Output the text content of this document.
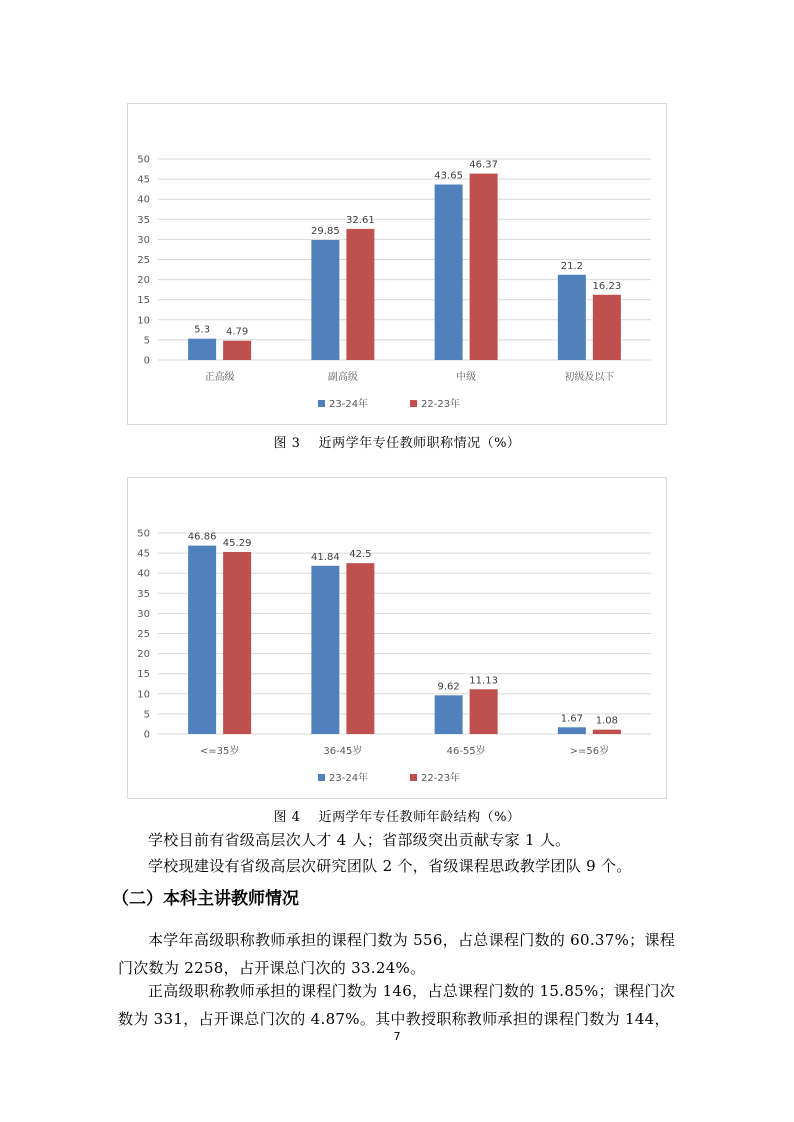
0
5
10
15
20
25
30
35
40
45
50
5.3 4.79
正高级
29.85
32.61
副高级
43.65
46.37
中级
21.2
16.23
初级及以下
23-24年	22-23年
图 3　 近两学年专任教师职称情况（%）
0
5
10
15
20
25
30
35
40
45
50	46.86
45.29
<=35岁
41.84 42.5
36-45岁
9.62
11.13
46-55岁
1.67 1.08
>=56岁
23-24年	22-23年
图 4　 近两学年专任教师年龄结构（%）
学校目前有省级高层次人才 4 人；省部级突出贡献专家 1 人。
学校现建设有省级高层次研究团队 2 个，省级课程思政教学团队 9 个。
（二）本科主讲教师情况
本学年高级职称教师承担的课程门数为 556，占总课程门数的 60.37%；课程门次数为 2258，占开课总门次的 33.24%。
正高级职称教师承担的课程门数为 146，占总课程门数的 15.85%；课程门次数为 331，占开课总门次的 4.87%。其中教授职称教师承担的课程门数为 144，
7
